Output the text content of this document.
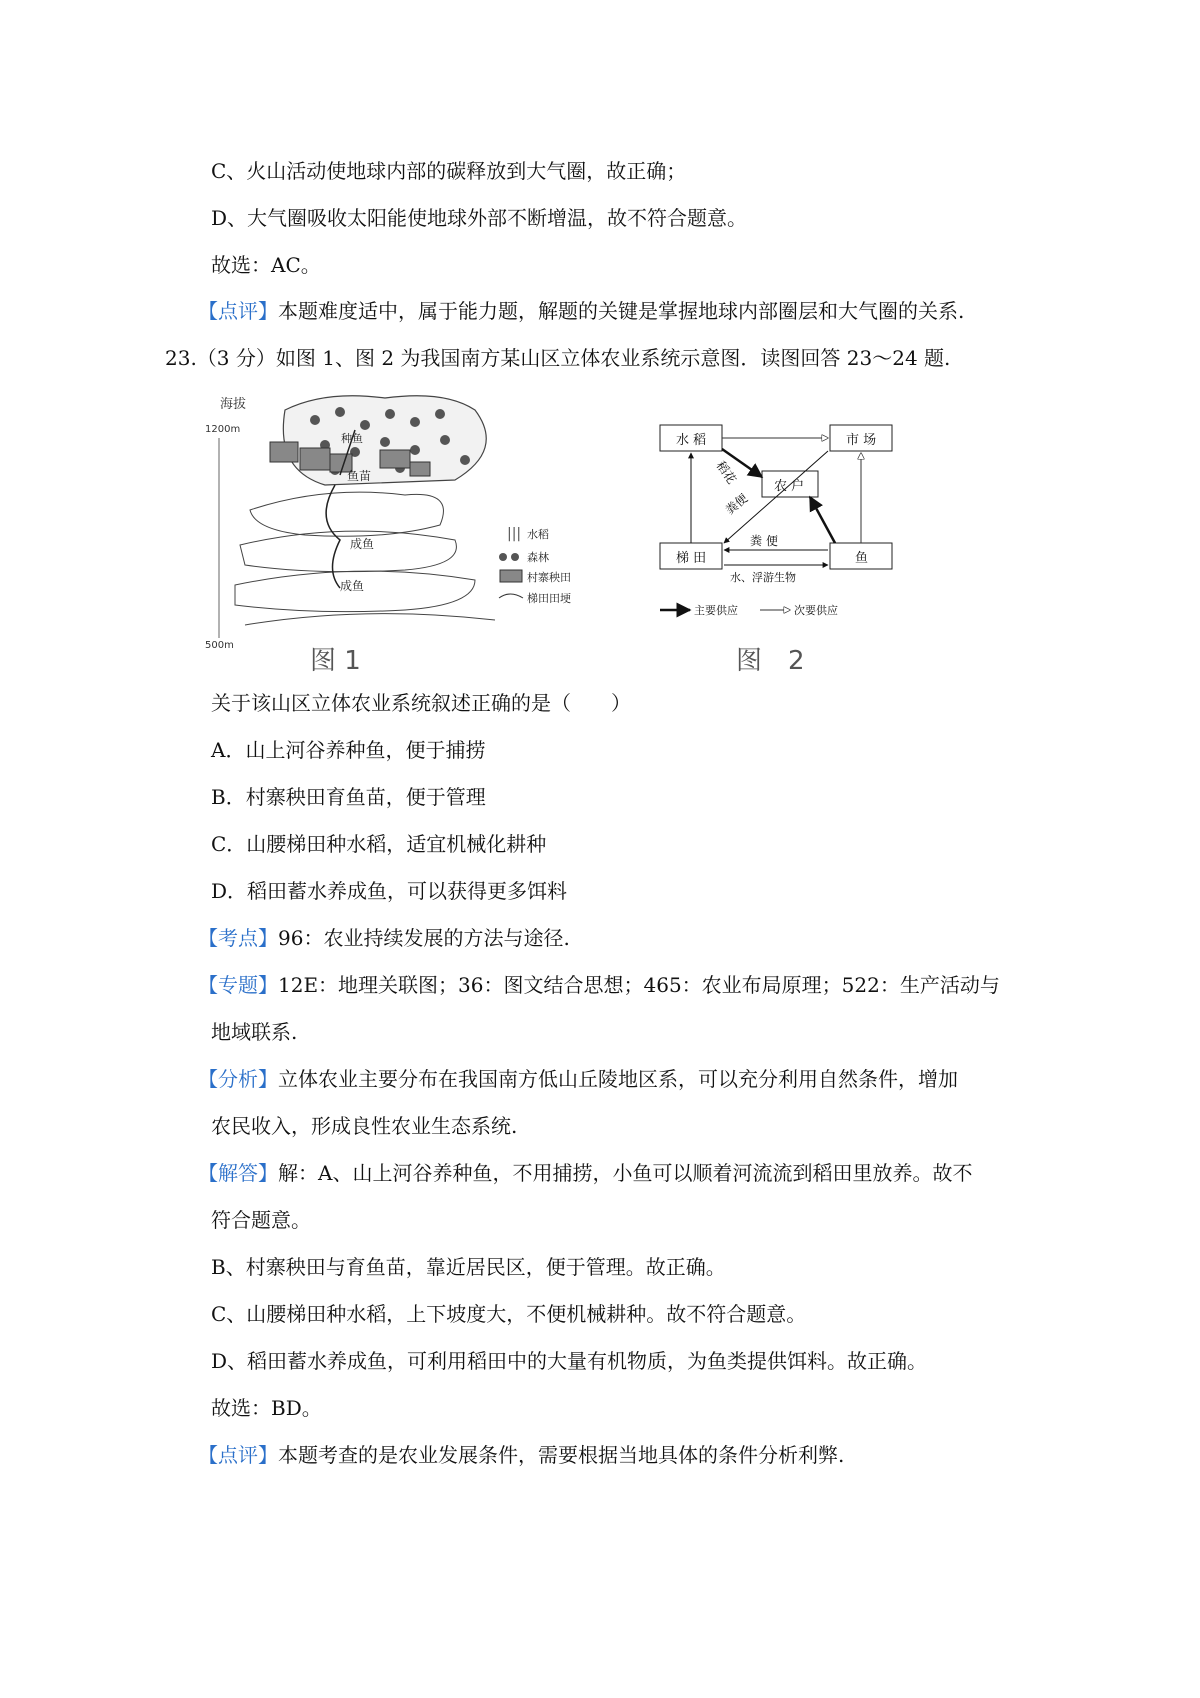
C、火山活动使地球内部的碳释放到大气圈，故正确；
D、大气圈吸收太阳能使地球外部不断增温，故不符合题意。
故选：AC。
【点评】本题难度适中，属于能力题，解题的关键是掌握地球内部圈层和大气圈的关系.
23.（3 分）如图 1、图 2 为我国南方某山区立体农业系统示意图．读图回答 23～24 题.
海拔
1200m
500m
种鱼
鱼苗
成鱼
成鱼
||| 水稻
森林
村寨秧田
梯田田埂
图 1
水 稻	市 场
农 户
梯 田	鱼
稻花
粪便
粪 便
水、浮游生物
主要供应	次要供应
图　2
关于该山区立体农业系统叙述正确的是（　　）
A．山上河谷养种鱼，便于捕捞
B．村寨秧田育鱼苗，便于管理
C．山腰梯田种水稻，适宜机械化耕种
D．稻田蓄水养成鱼，可以获得更多饵料
【考点】96：农业持续发展的方法与途径.
【专题】12E：地理关联图；36：图文结合思想；465：农业布局原理；522：生产活动与
地域联系.
【分析】立体农业主要分布在我国南方低山丘陵地区系，可以充分利用自然条件，增加
农民收入，形成良性农业生态系统.
【解答】解：A、山上河谷养种鱼，不用捕捞，小鱼可以顺着河流流到稻田里放养。故不
符合题意。
B、村寨秧田与育鱼苗，靠近居民区，便于管理。故正确。
C、山腰梯田种水稻，上下坡度大，不便机械耕种。故不符合题意。
D、稻田蓄水养成鱼，可利用稻田中的大量有机物质，为鱼类提供饵料。故正确。
故选：BD。
【点评】本题考查的是农业发展条件，需要根据当地具体的条件分析利弊.
